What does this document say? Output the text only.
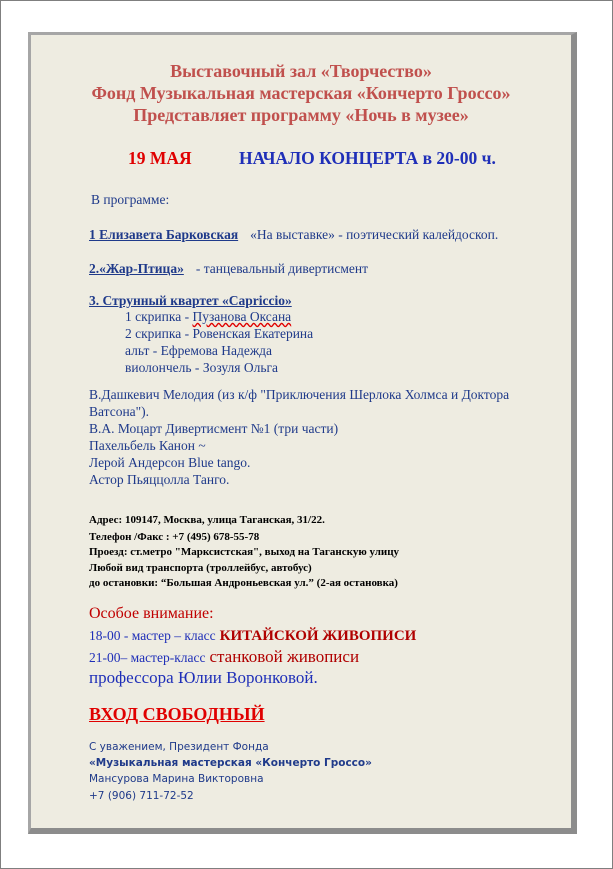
Выставочный зал «Творчество»
Фонд Музыкальная мастерская «Кончерто Гроссо»
Представляет программу «Ночь в музее»
19 МАЯ	НАЧАЛО КОНЦЕРТА в 20-00 ч.
В программе:
1 Елизавета Барковская «На выставке» - поэтический калейдоскоп.
2.«Жар-Птица» - танцевальный дивертисмент
3. Струнный квартет «Capriccio»
1 скрипка - Пузанова Оксана
2 скрипка - Ровенская Екатерина
альт - Ефремова Надежда
виолончель - Зозуля Ольга
В.Дашкевич Мелодия (из к/ф "Приключения Шерлока Холмса и Доктора
Ватсона").
В.А. Моцарт Дивертисмент №1 (три части)
Пахельбель Канон ~
Лерой Андерсон Blue tango.
Астор Пьяццолла Танго.
Адрес: 109147, Москва, улица Таганская, 31/22.
Телефон /Факс : +7 (495) 678-55-78
Проезд: ст.метро "Марксистская", выход на Таганскую улицу
Любой вид транспорта (троллейбус, автобус)
до остановки: “Большая Андроньевская ул.” (2-ая остановка)
Особое внимание:
18-00 - мастер – класс КИТАЙСКОЙ ЖИВОПИСИ
21-00– мастер-класс станковой живописи
профессора Юлии Воронковой.
ВХОД СВОБОДНЫЙ
С уважением, Президент Фонда
«Музыкальная мастерская «Кончерто Гроссо»
Мансурова Марина Викторовна
+7 (906) 711-72-52
